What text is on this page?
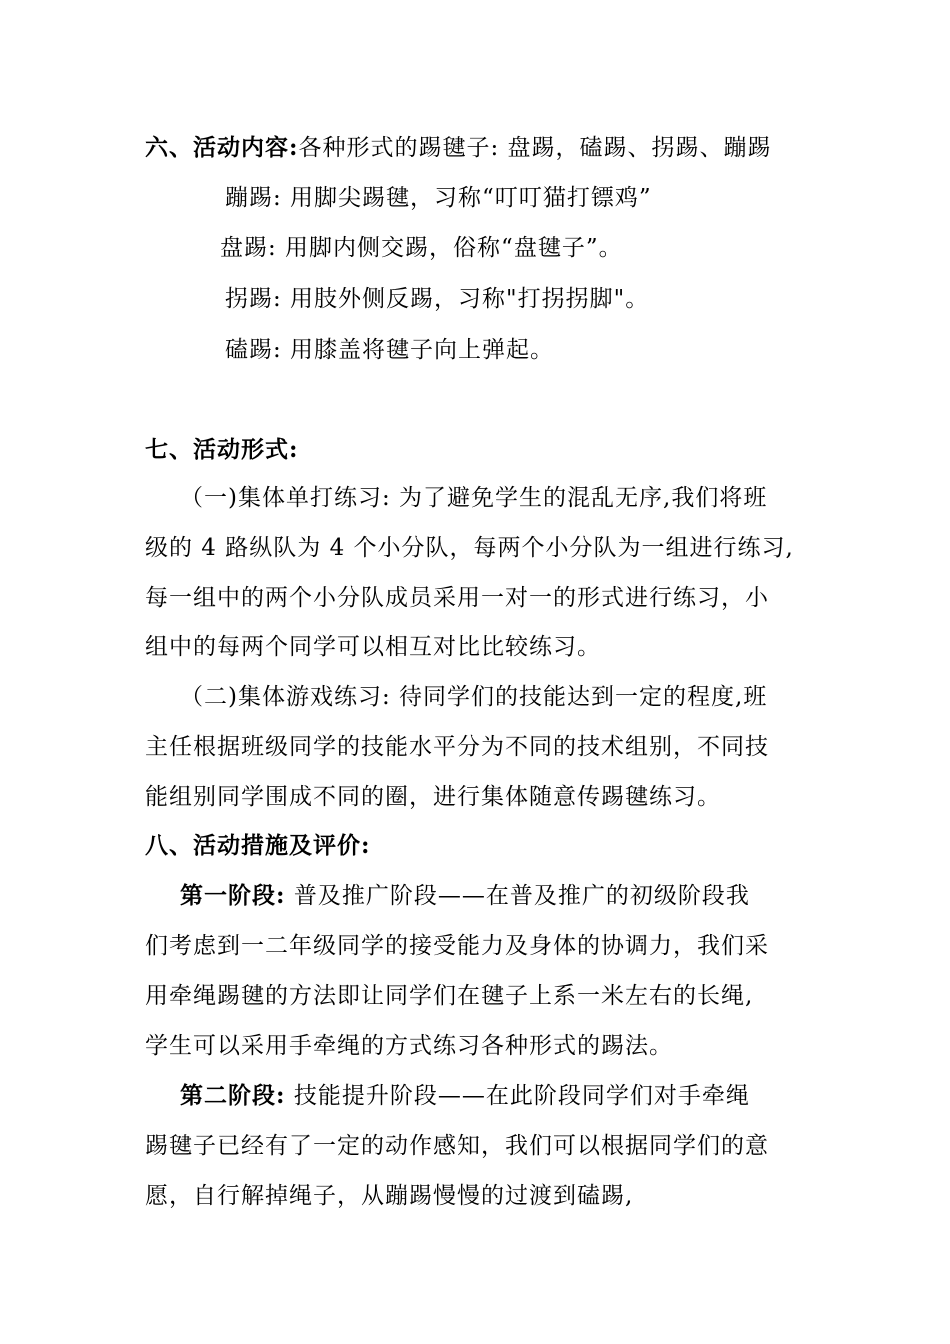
六、活动内容:各种形式的踢毽子: 盘踢，磕踢、拐踢、蹦踢
蹦踢: 用脚尖踢毽，习称“叮叮猫打镖鸡”
盘踢: 用脚内侧交踢，俗称“盘毽子”。
拐踢: 用肢外侧反踢，习称"打拐拐脚"。
磕踢: 用膝盖将毽子向上弹起。
七、活动形式:
（一)集体单打练习: 为了避免学生的混乱无序,我们将班
级的 4 路纵队为 4 个小分队，每两个小分队为一组进行练习,
每一组中的两个小分队成员采用一对一的形式进行练习，小
组中的每两个同学可以相互对比比较练习。
（二)集体游戏练习: 待同学们的技能达到一定的程度,班
主任根据班级同学的技能水平分为不同的技术组别，不同技
能组别同学围成不同的圈，进行集体随意传踢毽练习。
八、活动措施及评价:
第一阶段: 普及推广阶段——在普及推广的初级阶段我
们考虑到一二年级同学的接受能力及身体的协调力，我们采
用牵绳踢毽的方法即让同学们在毽子上系一米左右的长绳,
学生可以采用手牵绳的方式练习各种形式的踢法。
第二阶段: 技能提升阶段——在此阶段同学们对手牵绳
踢毽子已经有了一定的动作感知，我们可以根据同学们的意
愿，自行解掉绳子，从蹦踢慢慢的过渡到磕踢,
